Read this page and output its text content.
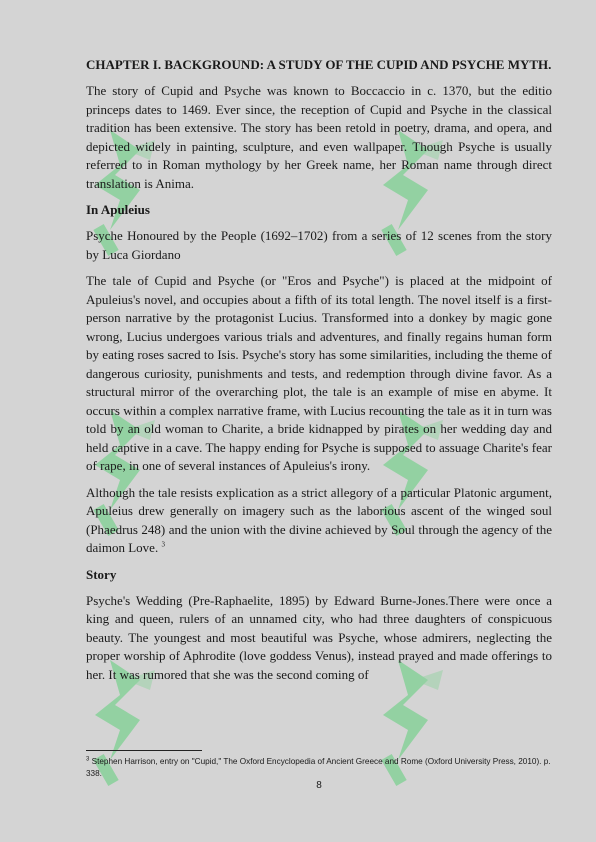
CHAPTER I. BACKGROUND: A STUDY OF THE CUPID AND PSYCHE MYTH.

The story of Cupid and Psyche was known to Boccaccio in c. 1370, but the editio princeps dates to 1469. Ever since, the reception of Cupid and Psyche in the classical tradition has been extensive. The story has been retold in poetry, drama, and opera, and depicted widely in painting, sculpture, and even wallpaper. Though Psyche is usually referred to in Roman mythology by her Greek name, her Roman name through direct translation is Anima.

In Apuleius

Psyche Honoured by the People (1692–1702) from a series of 12 scenes from the story by Luca Giordano

The tale of Cupid and Psyche (or "Eros and Psyche") is placed at the midpoint of Apuleius's novel, and occupies about a fifth of its total length. The novel itself is a first-person narrative by the protagonist Lucius. Transformed into a donkey by magic gone wrong, Lucius undergoes various trials and adventures, and finally regains human form by eating roses sacred to Isis. Psyche's story has some similarities, including the theme of dangerous curiosity, punishments and tests, and redemption through divine favor. As a structural mirror of the overarching plot, the tale is an example of mise en abyme. It occurs within a complex narrative frame, with Lucius recounting the tale as it in turn was told by an old woman to Charite, a bride kidnapped by pirates on her wedding day and held captive in a cave. The happy ending for Psyche is supposed to assuage Charite's fear of rape, in one of several instances of Apuleius's irony.

Although the tale resists explication as a strict allegory of a particular Platonic argument, Apuleius drew generally on imagery such as the laborious ascent of the winged soul (Phaedrus 248) and the union with the divine achieved by Soul through the agency of the daimon Love. $^3$

Story

Psyche's Wedding (Pre-Raphaelite, 1895) by Edward Burne-Jones.There were once a king and queen, rulers of an unnamed city, who had three daughters of conspicuous beauty. The youngest and most beautiful was Psyche, whose admirers, neglecting the proper worship of Aphrodite (love goddess Venus), instead prayed and made offerings to her. It was rumored that she was the second coming of

$^3$ Stephen Harrison, entry on "Cupid," The Oxford Encyclopedia of Ancient Greece and Rome (Oxford University Press, 2010). p. 338.
8
